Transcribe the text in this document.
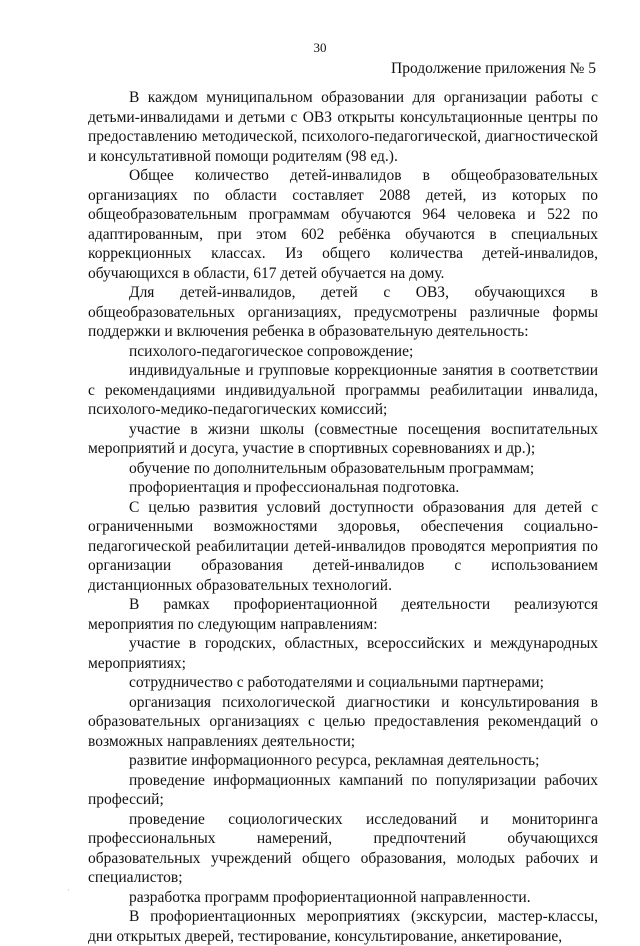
30
Продолжение приложения № 5

В каждом муниципальном образовании для организации работы с детьми-инвалидами и детьми с ОВЗ открыты консультационные центры по предоставлению методической, психолого-педагогической, диагностической и консультативной помощи родителям (98 ед.).

Общее количество детей-инвалидов в общеобразовательных организациях по области составляет 2088 детей, из которых по общеобразовательным программам обучаются 964 человека и 522 по адаптированным, при этом 602 ребёнка обучаются в специальных коррекционных классах. Из общего количества детей-инвалидов, обучающихся в области, 617 детей обучается на дому.

Для детей-инвалидов, детей с ОВЗ, обучающихся в общеобразовательных организациях, предусмотрены различные формы поддержки и включения ребенка в образовательную деятельность:

психолого-педагогическое сопровождение;

индивидуальные и групповые коррекционные занятия в соответствии с рекомендациями индивидуальной программы реабилитации инвалида, психолого-медико-педагогических комиссий;

участие в жизни школы (совместные посещения воспитательных мероприятий и досуга, участие в спортивных соревнованиях и др.);

обучение по дополнительным образовательным программам;

профориентация и профессиональная подготовка.

С целью развития условий доступности образования для детей с ограниченными возможностями здоровья, обеспечения социально-педагогической реабилитации детей-инвалидов проводятся мероприятия по организации образования детей-инвалидов с использованием дистанционных образовательных технологий.

В рамках профориентационной деятельности реализуются мероприятия по следующим направлениям:

участие в городских, областных, всероссийских и международных мероприятиях;

сотрудничество с работодателями и социальными партнерами;

организация психологической диагностики и консультирования в образовательных организациях с целью предоставления рекомендаций о возможных направлениях деятельности;

развитие информационного ресурса, рекламная деятельность;

проведение информационных кампаний по популяризации рабочих профессий;

проведение социологических исследований и мониторинга профессиональных намерений, предпочтений обучающихся образовательных учреждений общего образования, молодых рабочих и специалистов;

разработка программ профориентационной направленности.

В профориентационных мероприятиях (экскурсии, мастер-классы, дни открытых дверей, тестирование, консультирование, анкетирование,

·
